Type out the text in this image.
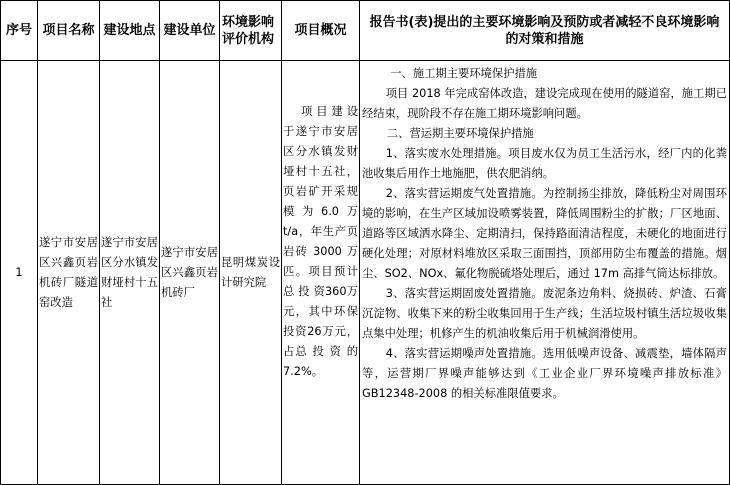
序号 项目名称 建设地点 建设单位
环境影响评价机构
项目概况
报告书(表)提出的主要环境影响及预防或者减轻不良环境影响的对策和措施
1
遂宁市安居区兴鑫页岩机砖厂隧道窑改造
遂宁市安居区分水镇发财垭村十五社
遂宁市安居区兴鑫页岩机砖厂
昆明煤炭设计研究院
项 目 建 设于遂宁市安居区分水镇发财垭村十五社，页岩矿开采规模为6.0万t/a，年生产页岩砖 3000 万匹。项目预计 总 投 资360万元，其中环保投资26万元，占总 投 资 的7.2%。

一、施工期主要环境保护措施

项目 2018 年完成窑体改造，建设完成现在使用的隧道窑，施工期已经结束，现阶段不存在施工期环境影响问题。

二、营运期主要环境保护措施

1、落实废水处理措施。项目废水仅为员工生活污水，经厂内的化粪池收集后用作土地施肥，供农肥消纳。

2、落实营运期废气处置措施。为控制扬尘排放，降低粉尘对周围环境的影响，在生产区域加设喷雾装置，降低周围粉尘的扩散；厂区地面、道路等区域洒水降尘、定期清扫，保持路面清洁程度，未硬化的地面进行硬化处理；对原材料堆放区采取三面围挡，顶部用防尘布覆盖的措施。烟尘、SO2、NOx、氟化物脱硫塔处理后，通过 17m 高排气筒达标排放。

3、落实营运期固废处置措施。废泥条边角料、烧损砖、炉渣、石膏沉淀物、收集下来的粉尘收集回用于生产线；生活垃圾村镇生活垃圾收集点集中处理；机修产生的机油收集后用于机械润滑使用。

4、落实营运期噪声处置措施。选用低噪声设备、减震垫，墙体隔声等，运营期厂界噪声能够达到《工业企业厂界环境噪声排放标准》GB12348-2008 的相关标准限值要求。
